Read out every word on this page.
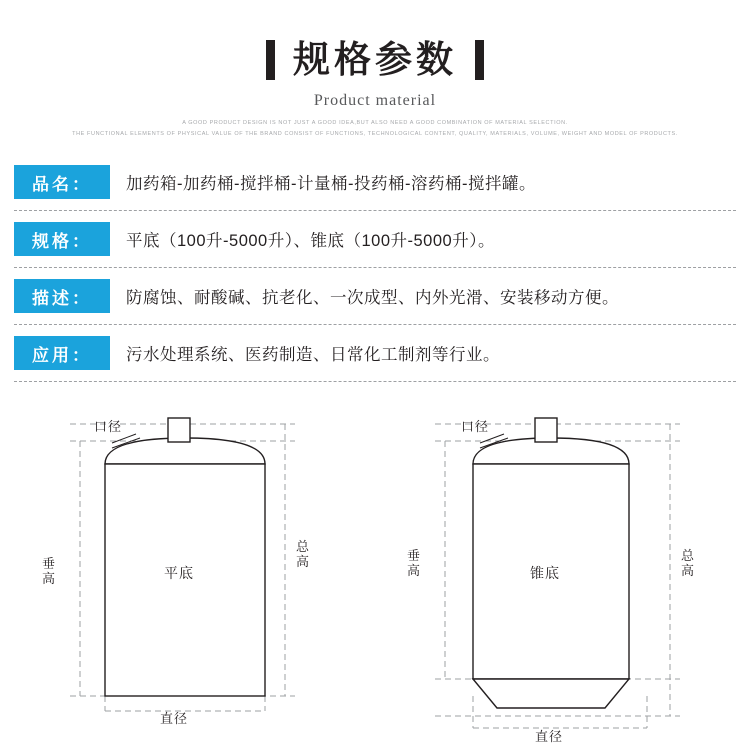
规格参数
Product material
A GOOD PRODUCT DESIGN IS NOT JUST A GOOD IDEA,BUT ALSO NEED A GOOD COMBINATION OF MATERIAL SELECTION.
THE FUNCTIONAL ELEMENTS OF PHYSICAL VALUE OF THE BRAND CONSIST OF FUNCTIONS, TECHNOLOGICAL CONTENT, QUALITY, MATERIALS, VOLUME, WEIGHT AND MODEL OF PRODUCTS.
品名：	加药箱-加药桶-搅拌桶-计量桶-投药桶-溶药桶-搅拌罐。
规格：	平底（100升-5000升）、锥底（100升-5000升）。
描述：	防腐蚀、耐酸碱、抗老化、一次成型、内外光滑、安装移动方便。
应用：	污水处理系统、医药制造、日常化工制剂等行业。
口径
垂高
总高
直径
平底
口径
垂高
总高
直径
锥底
